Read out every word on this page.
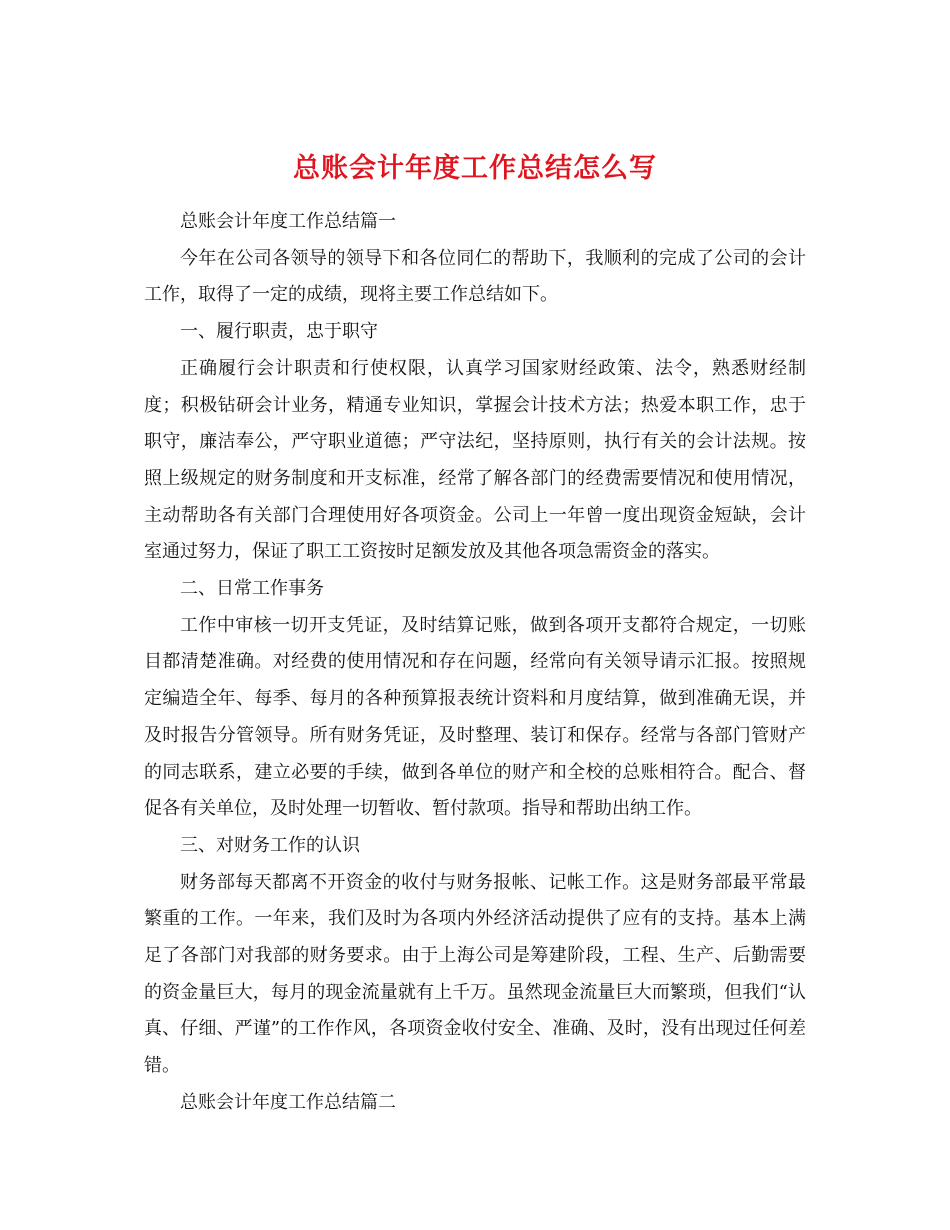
总账会计年度工作总结怎么写

总账会计年度工作总结篇一

今年在公司各领导的领导下和各位同仁的帮助下，我顺利的完成了公司的会计工作，取得了一定的成绩，现将主要工作总结如下。

一、履行职责，忠于职守

正确履行会计职责和行使权限，认真学习国家财经政策、法令，熟悉财经制度；积极钻研会计业务，精通专业知识，掌握会计技术方法；热爱本职工作，忠于职守，廉洁奉公，严守职业道德；严守法纪，坚持原则，执行有关的会计法规。按照上级规定的财务制度和开支标准，经常了解各部门的经费需要情况和使用情况，主动帮助各有关部门合理使用好各项资金。公司上一年曾一度出现资金短缺，会计室通过努力，保证了职工工资按时足额发放及其他各项急需资金的落实。

二、日常工作事务

工作中审核一切开支凭证，及时结算记账，做到各项开支都符合规定，一切账目都清楚准确。对经费的使用情况和存在问题，经常向有关领导请示汇报。按照规定编造全年、每季、每月的各种预算报表统计资料和月度结算，做到准确无误，并及时报告分管领导。所有财务凭证，及时整理、装订和保存。经常与各部门管财产的同志联系，建立必要的手续，做到各单位的财产和全校的总账相符合。配合、督促各有关单位，及时处理一切暂收、暂付款项。指导和帮助出纳工作。

三、对财务工作的认识

财务部每天都离不开资金的收付与财务报帐、记帐工作。这是财务部最平常最繁重的工作。一年来，我们及时为各项内外经济活动提供了应有的支持。基本上满足了各部门对我部的财务要求。由于上海公司是筹建阶段，工程、生产、后勤需要的资金量巨大，每月的现金流量就有上千万。虽然现金流量巨大而繁琐，但我们“认真、仔细、严谨”的工作作风，各项资金收付安全、准确、及时，没有出现过任何差错。

总账会计年度工作总结篇二
